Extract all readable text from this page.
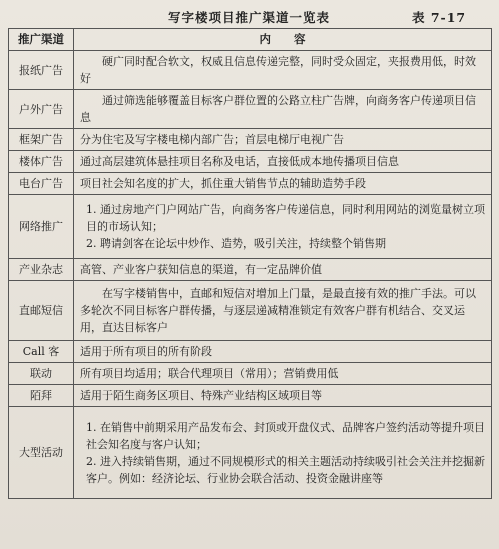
写字楼项目推广渠道一览表	表 7-17
推广渠道	内　　容
报纸广告	硬广同时配合软文，权威且信息传递完整，同时受众固定，夹报费用低，时效好
户外广告	通过筛选能够覆盖目标客户群位置的公路立柱广告牌，向商务客户传递项目信息
框架广告	分为住宅及写字楼电梯内部广告；首层电梯厅电视广告
楼体广告	通过高层建筑体悬挂项目名称及电话，直接低成本地传播项目信息
电台广告	项目社会知名度的扩大，抓住重大销售节点的辅助造势手段
网络推广	1. 通过房地产门户网站广告，向商务客户传递信息，同时利用网站的浏览量树立项目的市场认知；
2. 聘请剑客在论坛中炒作、造势，吸引关注，持续整个销售期

产业杂志	高管、产业客户获知信息的渠道，有一定品牌价值
直邮短信	在写字楼销售中，直邮和短信对增加上门量，是最直接有效的推广手法。可以多轮次不同目标客户群传播，与逐层递减精准锁定有效客户群有机结合、交叉运用，直达目标客户
Call 客	适用于所有项目的所有阶段
联动	所有项目均适用；联合代理项目（常用）；营销费用低
陌拜	适用于陌生商务区项目、特殊产业结构区域项目等
大型活动	1. 在销售中前期采用产品发布会、封顶或开盘仪式、品牌客户签约活动等提升项目社会知名度与客户认知；
2. 进入持续销售期，通过不同规模形式的相关主题活动持续吸引社会关注并挖掘新客户。例如：经济论坛、行业协会联合活动、投资金融讲座等
